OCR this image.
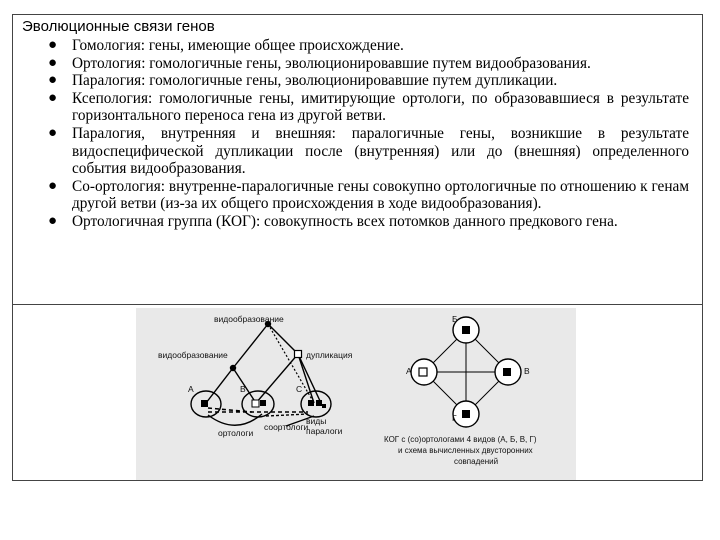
Эволюционные связи генов
● Гомология: гены, имеющие общее происхождение.
● Ортология: гомологичные гены, эволюционировавшие путем видообразования.
● Паралогия: гомологичные гены, эволюционировавшие путем дупликации.
● Ксепология: гомологичные гены, имитирующие ортологи, по образовавшиеся в результате горизонтального переноса гена из другой ветви.
● Паралогия, внутренняя и внешняя: паралогичные гены, возникшие в результате видоспецифической дупликации после (внутренняя) или до (внешняя) определенного события видообразования.
● Со-ортология: внутренне-паралогичные гены совокупно ортологичные по отношению к генам другой ветви (из-за их общего происхождения в ходе видообразования).
● Ортологичная группа (КОГ): совокупность всех потомков данного предкового гена.
видообразование
видообразование	дупликация
A	B	C
ортологи
соортологи
виды
паралоги
Б
А	В
Г
КОГ с (со)ортологами 4 видов (А, Б, В, Г)
и схема вычисленных двусторонних
совпадений
